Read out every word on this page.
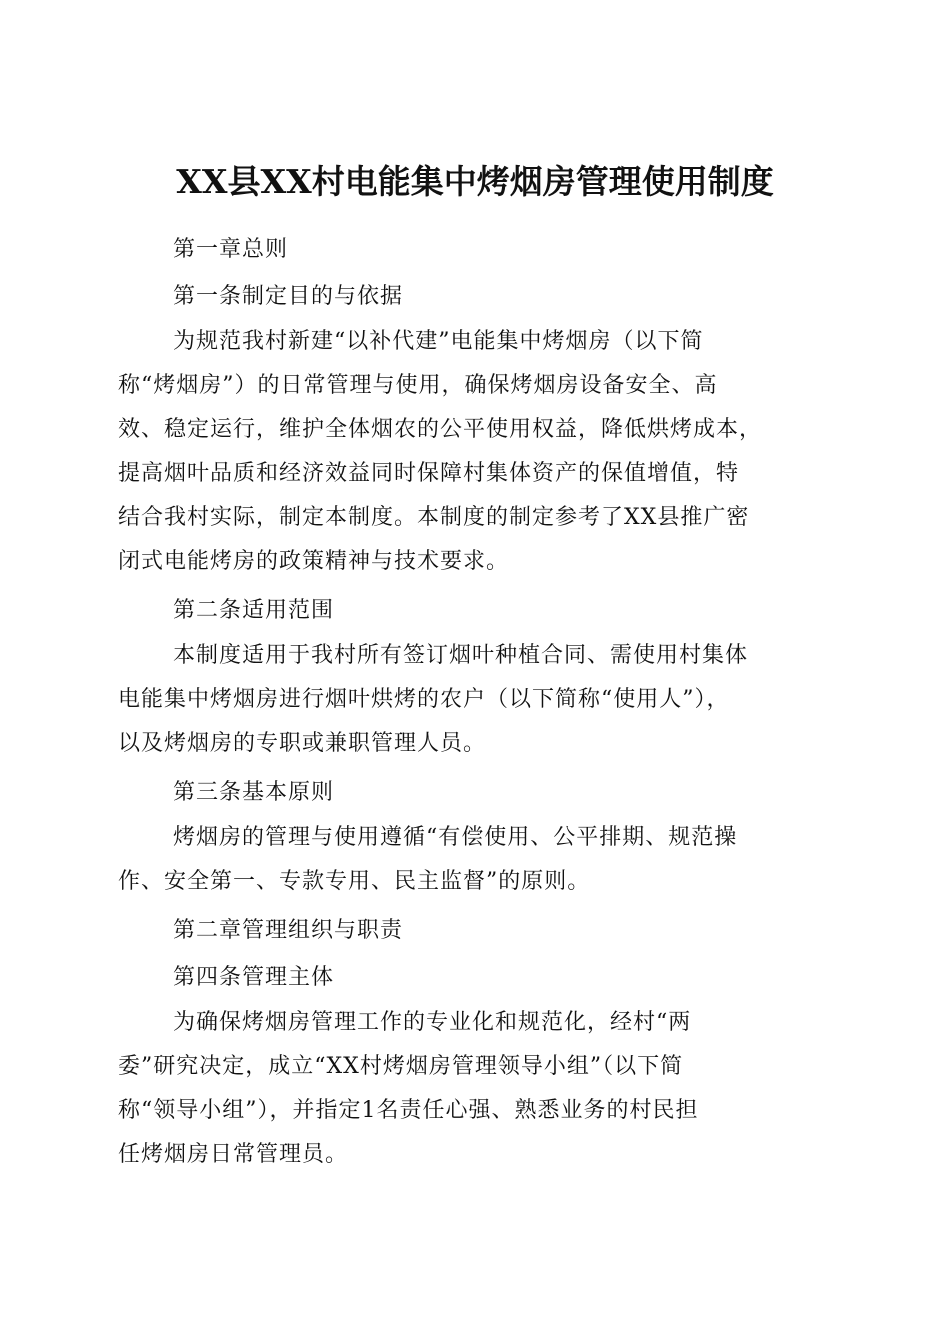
XX县XX村电能集中烤烟房管理使用制度
第一章总则
第一条制定目的与依据

为规范我村新建“以补代建”电能集中烤烟房（以下简
称“烤烟房”）的日常管理与使用，确保烤烟房设备安全、高
效、稳定运行，维护全体烟农的公平使用权益，降低烘烤成本，
提高烟叶品质和经济效益同时保障村集体资产的保值增值，特
结合我村实际，制定本制度。本制度的制定参考了XX县推广密
闭式电能烤房的政策精神与技术要求。

第二条适用范围

本制度适用于我村所有签订烟叶种植合同、需使用村集体
电能集中烤烟房进行烟叶烘烤的农户（以下简称“使用人”），
以及烤烟房的专职或兼职管理人员。

第三条基本原则

烤烟房的管理与使用遵循“有偿使用、公平排期、规范操
作、安全第一、专款专用、民主监督”的原则。

第二章管理组织与职责
第四条管理主体

为确保烤烟房管理工作的专业化和规范化，经村“两
委”研究决定，成立“XX村烤烟房管理领导小组”（以下简
称“领导小组”），并指定1名责任心强、熟悉业务的村民担
任烤烟房日常管理员。
